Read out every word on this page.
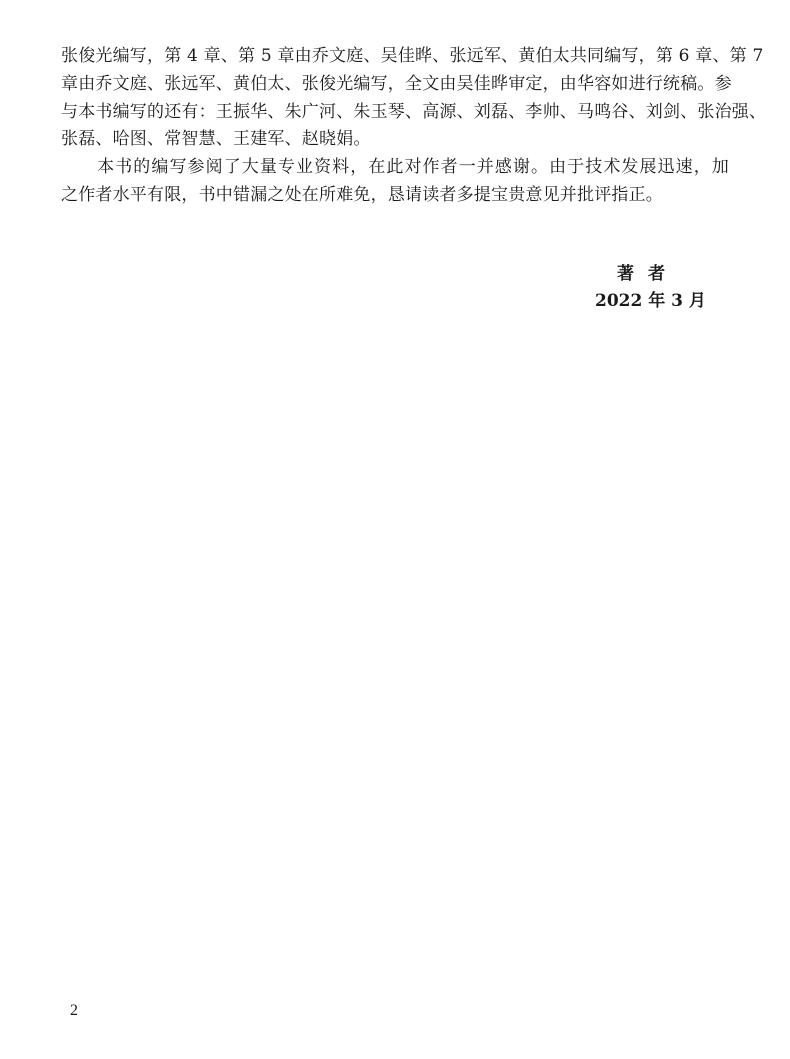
张俊光编写，第 4 章、第 5 章由乔文庭、吴佳晔、张远军、黄伯太共同编写，第 6 章、第 7
章由乔文庭、张远军、黄伯太、张俊光编写，全文由吴佳晔审定，由华容如进行统稿。参
与本书编写的还有：王振华、朱广河、朱玉琴、高源、刘磊、李帅、马鸣谷、刘剑、张治强、
张磊、哈图、常智慧、王建军、赵晓娟。
　　本书的编写参阅了大量专业资料，在此对作者一并感谢。由于技术发展迅速，加
之作者水平有限，书中错漏之处在所难免，恳请读者多提宝贵意见并批评指正。
著者
2022 年 3 月
2
